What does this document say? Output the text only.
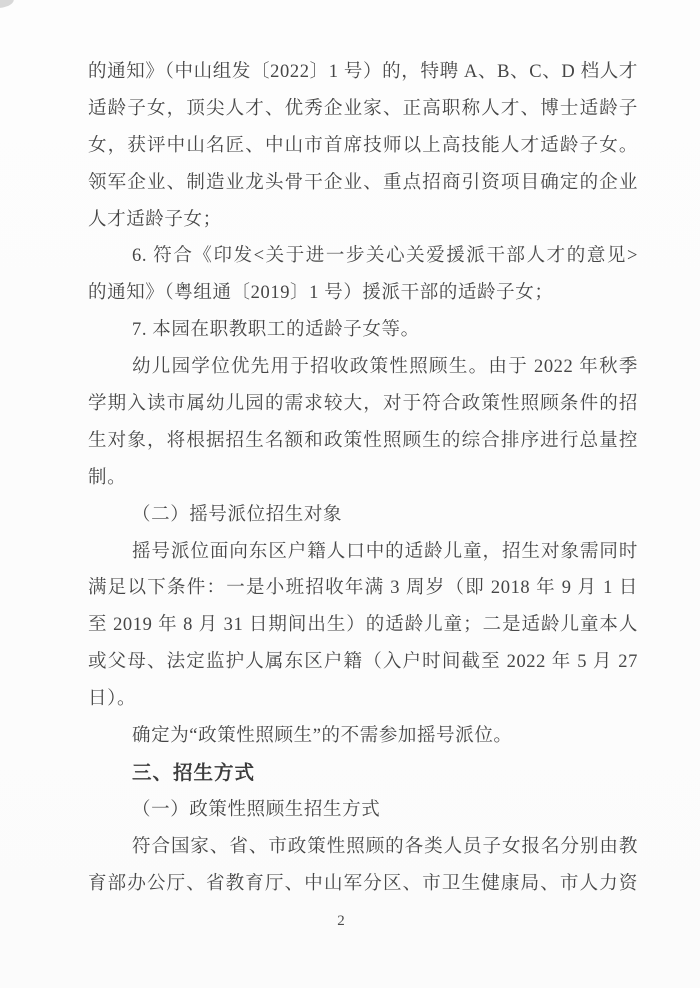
的通知》（中山组发〔2022〕1 号）的，特聘 A、B、C、D 档人才
适龄子女，顶尖人才、优秀企业家、正高职称人才、博士适龄子
女，获评中山名匠、中山市首席技师以上高技能人才适龄子女。
领军企业、制造业龙头骨干企业、重点招商引资项目确定的企业
人才适龄子女；
6. 符合《印发<关于进一步关心关爱援派干部人才的意见>
的通知》（粤组通〔2019〕1 号）援派干部的适龄子女；
7. 本园在职教职工的适龄子女等。
幼儿园学位优先用于招收政策性照顾生。由于 2022 年秋季
学期入读市属幼儿园的需求较大，对于符合政策性照顾条件的招
生对象，将根据招生名额和政策性照顾生的综合排序进行总量控
制。
（二）摇号派位招生对象
摇号派位面向东区户籍人口中的适龄儿童，招生对象需同时
满足以下条件：一是小班招收年满 3 周岁（即 2018 年 9 月 1 日
至 2019 年 8 月 31 日期间出生）的适龄儿童；二是适龄儿童本人
或父母、法定监护人属东区户籍（入户时间截至 2022 年 5 月 27
日）。
确定为“政策性照顾生”的不需参加摇号派位。
三、招生方式
（一）政策性照顾生招生方式
符合国家、省、市政策性照顾的各类人员子女报名分别由教
育部办公厅、省教育厅、中山军分区、市卫生健康局、市人力资
2
